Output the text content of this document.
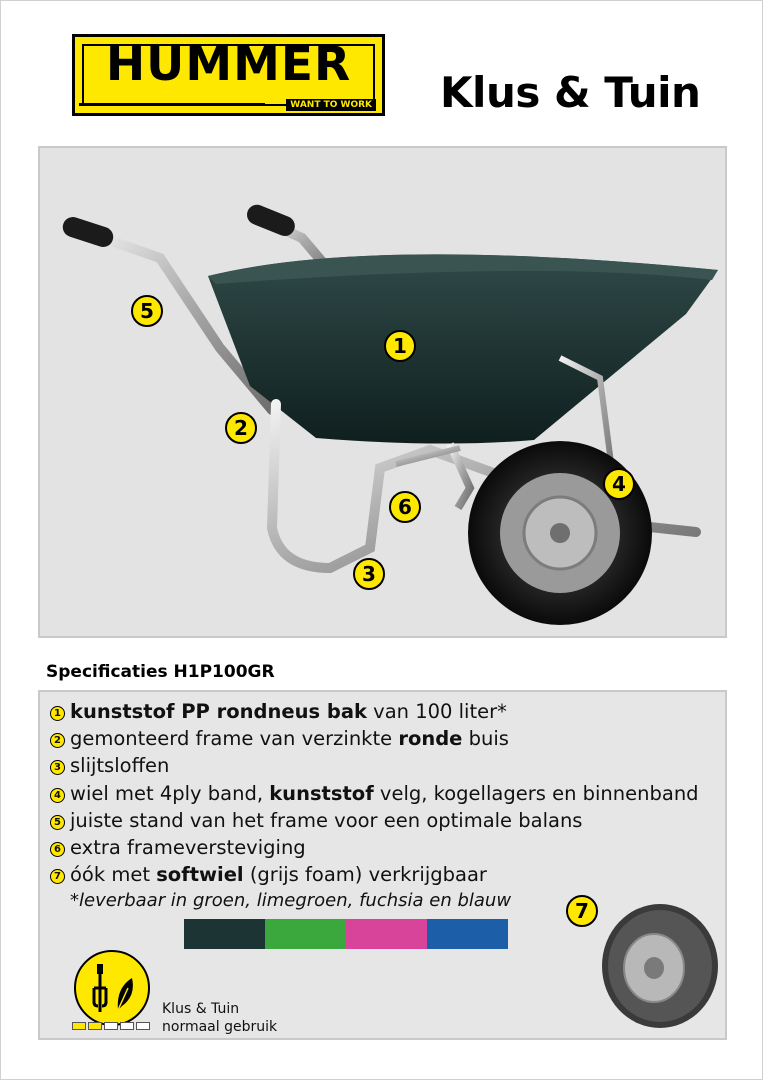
HUMMER
WANT TO WORK Klus & Tuin
1
2
3
4
5
6
Specificaties H1P100GR
1 kunststof PP rondneus bak van 100 liter*
2 gemonteerd frame van verzinkte ronde buis
3 slijtsloffen
4 wiel met 4ply band, kunststof velg, kogellagers en binnenband
5 juiste stand van het frame voor een optimale balans
6 extra frameversteviging
7 óók met softwiel (grijs foam) verkrijgbaar
*leverbaar in groen, limegroen, fuchsia en blauw
Klus & Tuin
normaal gebruik
7
